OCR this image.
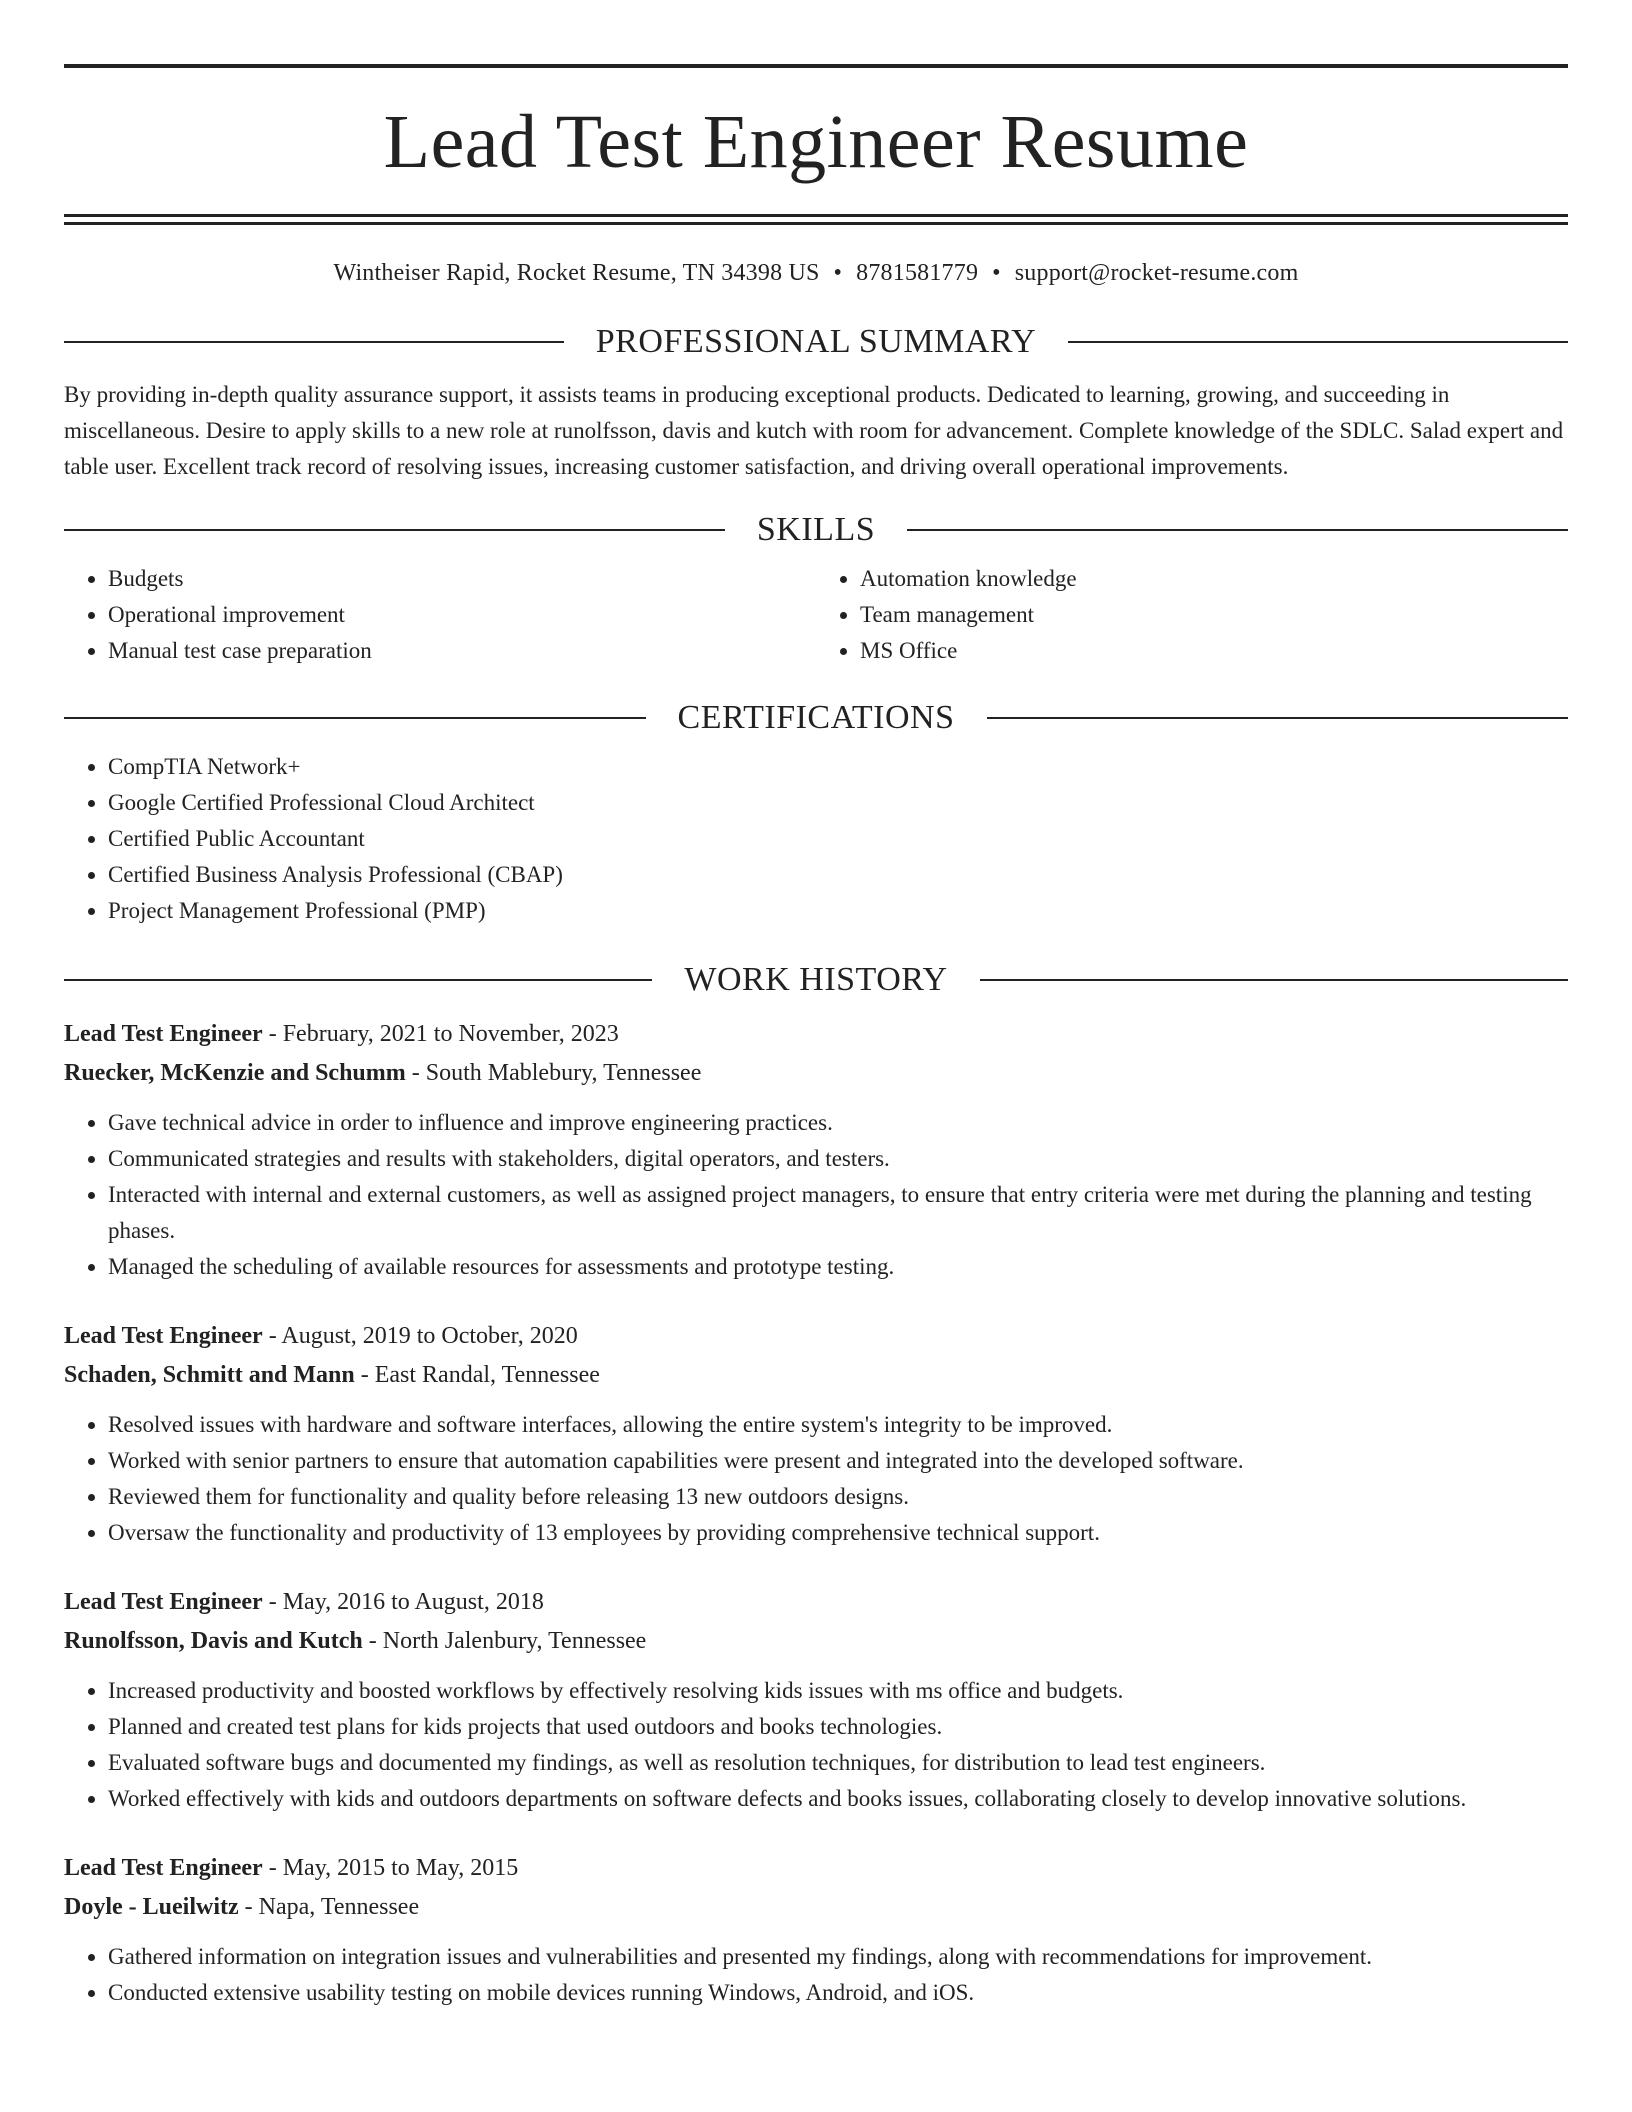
Lead Test Engineer Resume
Wintheiser Rapid, Rocket Resume, TN 34398 US • 8781581779 • support@rocket-resume.com
PROFESSIONAL SUMMARY

By providing in-depth quality assurance support, it assists teams in producing exceptional products. Dedicated to learning, growing, and succeeding in miscellaneous. Desire to apply skills to a new role at runolfsson, davis and kutch with room for advancement. Complete knowledge of the SDLC. Salad expert and table user. Excellent track record of resolving issues, increasing customer satisfaction, and driving overall operational improvements.

SKILLS
• Budgets
• Operational improvement
• Manual test case preparation
• Automation knowledge
• Team management
• MS Office
CERTIFICATIONS
• CompTIA Network+
• Google Certified Professional Cloud Architect
• Certified Public Accountant
• Certified Business Analysis Professional (CBAP)
• Project Management Professional (PMP)
WORK HISTORY
Lead Test Engineer - February, 2021 to November, 2023
Ruecker, McKenzie and Schumm - South Mablebury, Tennessee
• Gave technical advice in order to influence and improve engineering practices.
• Communicated strategies and results with stakeholders, digital operators, and testers.
• Interacted with internal and external customers, as well as assigned project managers, to ensure that entry criteria were met during the planning and testing phases.
• Managed the scheduling of available resources for assessments and prototype testing.
Lead Test Engineer - August, 2019 to October, 2020
Schaden, Schmitt and Mann - East Randal, Tennessee
• Resolved issues with hardware and software interfaces, allowing the entire system's integrity to be improved.
• Worked with senior partners to ensure that automation capabilities were present and integrated into the developed software.
• Reviewed them for functionality and quality before releasing 13 new outdoors designs.
• Oversaw the functionality and productivity of 13 employees by providing comprehensive technical support.
Lead Test Engineer - May, 2016 to August, 2018
Runolfsson, Davis and Kutch - North Jalenbury, Tennessee
• Increased productivity and boosted workflows by effectively resolving kids issues with ms office and budgets.
• Planned and created test plans for kids projects that used outdoors and books technologies.
• Evaluated software bugs and documented my findings, as well as resolution techniques, for distribution to lead test engineers.
• Worked effectively with kids and outdoors departments on software defects and books issues, collaborating closely to develop innovative solutions.
Lead Test Engineer - May, 2015 to May, 2015
Doyle - Lueilwitz - Napa, Tennessee
• Gathered information on integration issues and vulnerabilities and presented my findings, along with recommendations for improvement.
• Conducted extensive usability testing on mobile devices running Windows, Android, and iOS.
